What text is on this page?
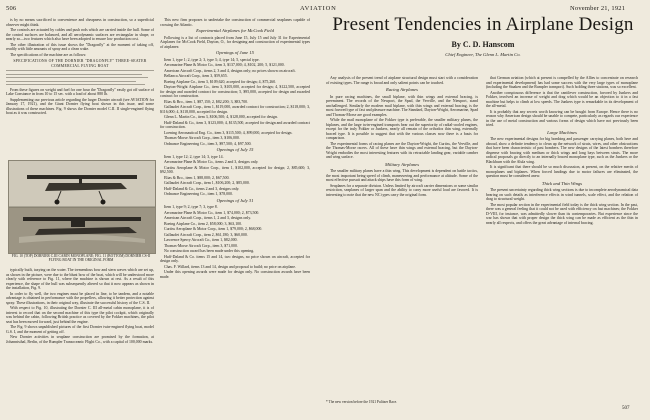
506	AVIATION	November 21, 1921

is by no means sacrificed to convenience and cheapness in construction, so a superficial observer might think.

The controls are actuated by cables and push rods which are carried inside the hull. Some of the control surfaces are balanced, and all aerodynamic surfaces are rectangular in shape, or nearly so—two features which also have been adopted to ensure low production cost.

The other illustration of this issue shows the "Dragonfly" at the moment of taking off, readily with little amounts of spray and a clean wake.

The specifications of the machine are as follows:

SPECIFICATIONS OF THE DORNIER "DRAGONFLY" THREE-SEATER COMMERCIAL FLYING BOAT

From these figures on weight and fuel for one hour the "Dragonfly" easily got off surface of Lake Constance in from 10 to 15 sec. with a load of about 880 lb.

Supplementing our previous article regarding the larger Dornier aircraft (see AVIATION for January 17, 1921), and the Giant Dornier flying boat shown in this issue, and some illustrations of these machines. Fig. 9 shows the Dornier model C.II. II single-engined flying boat as it was constructed.

FIG. 10 (TOP) DORNIER C.III CABIN MONOPLANE; FIG. 11 (BOTTOM) DORNIER CS-II FLYING BOAT IN THE ORIGINAL FORM

typically built, taxying on the water. The tremendous bow and stern waves which are set up, as shown in the picture, were due to the blunt bow of the boat, which will be understood more clearly with reference to Fig. 11, where the machine is shown at rest. As a result of this experience, the shape of the hull was subsequently altered so that it now appears as shown in the installation, Fig. 9.

In order to fly well, the two engines must be placed in line, to be tandem, and a notable advantage is obtained in performance with the propellers, allowing it better protection against spray. These illustrations, in their original way, illustrate the successful history of the C.S. II.

With respect to Fig. 10, illustrating the Dornier C. III all-metal cabin monoplane, it is of interest to record that on the second machine of this type the pilot cockpit, which originally was behind the cabin, following British practice as covered by the Fokker machines, the pilot seat has been moved forward, just behind the engine.

The Fig. 9 shows unpublished pictures of the first Dornier twin-engined flying boat, model G.S. I, and the moment of getting off.

New Dornier activities in seaplane construction are promised by the formation, at Johannisthal, Berlin, of the Rumpler Transoceanic Flight Co., with a capital of 100,000 marks.

This new firm proposes to undertake the construction of commercial seaplanes capable of crossing the Atlantic.

Experimental Airplanes for McCook Field

Following is a list of contracts placed from June 15, July 15 and July 31 for Experimental Airplanes for McCook Field, Dayton, O., for designing and construction of experimental types of airplanes:

Openings of June 15

Item 1, type 1; 2, type 2; 3, type 3; 4, type 14; 5, special type.

Aeromarine Plane & Motor Co., item 3, $137,000; 4, $102, 200; 5, $121,000.

American Aircraft Corp., items 2, 3 and 4, designs only; no prices shown on aircraft.

Bellanca Aircraft Corp., item 3, $59,655.

Boeing Airplane Co., item 3, $109,620, accepted for design; 4, $75,260.

Dayton-Wright Airplane Co., item 3, $105,000, accepted for design; 4, $122,500, accepted for design and awarded contract for construction; 5, $95,000, accepted for design and awarded contract for construction.

Elias & Bro., item 1, $87,150; 2, $82,200; 3, $83,700.

Gallaudet Aircraft Corp., item 1, $119,000, awarded contract for construction; 2, $118,000; 3, $116,000; 4, $118,000, accepted for design.

Glenn L. Martin Co., item 3, $106,500; 4, $128,000, accepted for design.

Huff-Daland & Co., item 3, $123,000; 4, $135,500, accepted for design and awarded contract for construction.

Loening Aeronautical Eng. Co., item 3, $115,500; 4, $99,000, accepted for design.

Thomas-Morse Aircraft Corp., item 3, $106,000.

Ordnance Engineering Co., item 3, $97,500; 4, $97,500.

Openings of July 15

Item 1, type 12; 2, type 14; 3, type 14.

Aeromarine Plane & Motor Co., items 2 and 3, designs only.

Curtiss Aeroplane & Motor Corp., item 1, $102,000, accepted for design; 2, $85,600; 3, $92,500.

Elias & Bro., item 1, $88,000; 2, $67,500.

Gallaudet Aircraft Corp., item 1, $106,200; 2, $85,000.

Huff-Daland & Co., items 2 and 3, designs only.

Ordnance Engineering Co., item 1, $78,000.

Openings of July 31

Item 1, type 9; 2, type 7; 3, type 8.

Aeromarine Plane & Motor Co., item 1, $74,000; 2, $73,500.

American Aircraft Corp., items 1, 2 and 3, designs only.

Boeing Airplane Co., item 2, $58,000; 3, $63,100.

Curtiss Aeroplane & Motor Corp., item 1, $79,000; 2, $68,000.

Gallaudet Aircraft Corp., item 2, $61,180; 3, $60,000.

Lawrence Sperry Aircraft Co., item 1, $82,000.

Thomas-Morse Aircraft Corp., item 3, $71,000.

No construction award has been made under this opening.

Huff-Daland & Co. items 15 and 14, two designs, no price shown on aircraft, accepted for design only.

Chas. F. Willard, items 13 and 14, design and proposal to build; no price on airplane.

Under this opening awards were made for design only. No construction awards have been made.

Present Tendencies in Airplane Design
By C. D. Hanscom
Chief Engineer, The Glenn L. Martin Co.

Any analysis of the present trend of airplane structural design must start with a consideration of existing types. The range is broad and only salient points can be touched.

Racing Airplanes

In pure racing machines, the small biplane, with thin wings and external bracing, is preeminent. The records of the Newport, the Spad, the Verville, and the Nieuport, stand unchallenged. Similarly the modern mail biplane, with thin wings and external bracing, is the most favored type of fast and pleasure machine. The Standard, Dayton-Wright, Aeromarine, Spad and Thomas-Morse are good examples.

While the mail monoplane of the Fokker type is preferable, the smaller military planes, the biplanes, and the large twin-engined transports bear out the superiority of radial-cooled engines, except for the truly Fokker or Junkers, nearly all remain of the orthodox thin wing, externally braced type. It is possible to suggest that with the various classes now there is a basis for comparison.

The experimental forms of racing planes are the Dayton-Wright, the Curtiss, the Verville, and the Thomas-Morse racers. All of these have thin wings and external bracing, but the Dayton-Wright embodies the most interesting features with its retractable landing gear, variable camber and wing surface.

Military Airplanes

The smaller military planes have a thin wing. This development is dependent on battle tactics, the most important being speed of climb, maneuvering and performance at altitude. Some of the most effective pursuit and attack ships have this form of wing.

Seaplanes for a separate division. Unless limited by aircraft carrier dimensions or some similar restriction, seaplanes of larger span and the ability to carry more useful load are favored. It is interesting to note that the new NC types carry the original form.

that German aviation (which at present is compelled by the Allies to concentrate on research and experimental development) has had some success with the very large types of monoplane (including the Staaken and the Rumpler transport). Such holding three stations, was so excellent.

Another conspicuous difference is that the cantilever construction, favored by Junkers and Fokker, involved an increase of weight and drag which would be an objection to it in a fast machine but helps to climb at low speeds. The Junkers type is remarkable in its development of the all-metal.

It is probably that any secrets worth knowing can be bought from Europe. Hence there is no reason why American design should be unable to compete, particularly as regards our experience in the use of metal construction and various forms of design which have not previously been tried.

Large Machines

The new experimental designs for big bombing and passenger carrying planes, both here and abroad, show a definite tendency to clean up the network of struts, wires, and other obstructions that have been characteristic of past bombers. The new designs of the latest bombers therefore dispense with bracing with medium or thick wings and long bays between struts. The more radical proposals go directly to an internally braced monoplane type, such as the Junkers or the Blackburn with the Alula wing.

It is significant that there should be so much discussion, at present, on the relative merits of monoplanes and biplanes. When forced landings due to motor failures are eliminated, the question must be considered anew.

Thick and Thin Wings

The present uncertainty regarding thick wing sections is due to incomplete aerodynamical data bearing on such details as interference effects in wind tunnels, scale effect, and the relation of drag to structural weight.

The most popular section in the experimental field today is the thick wing section. In the past, there was a general feeling that it could not be used with efficiency on fast machines; the Fokker D-VIII, for instance, was admittedly slower than its contemporaries. But experience since the war has shown that with proper design the thick wing can be made as efficient as the thin in nearly all respects, and offers the great advantage of internal bracing.

* The new version before the 1921 Pulitzer Race.
507
